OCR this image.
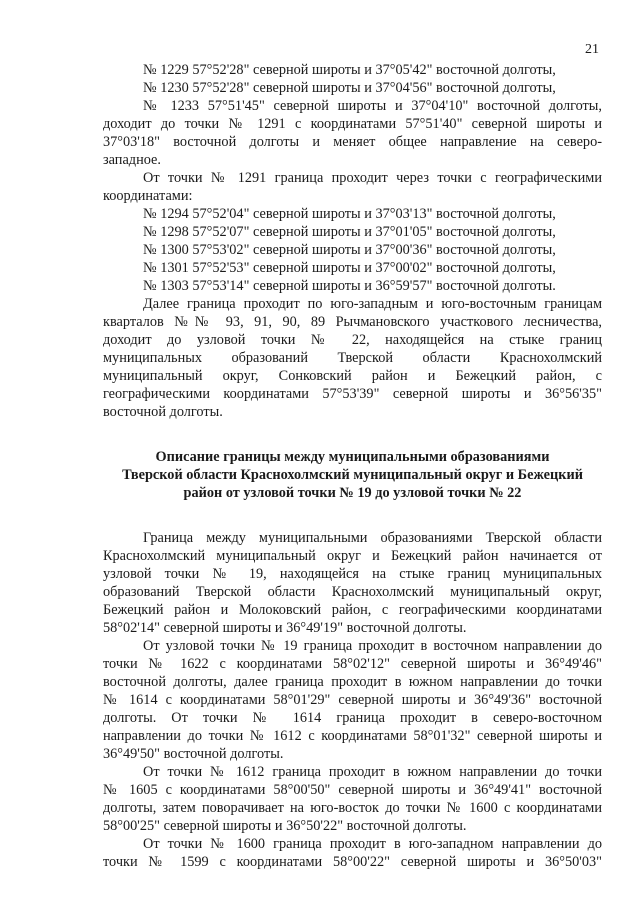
21
№ 1229 57°52'28" северной широты и 37°05'42" восточной долготы,
№ 1230 57°52'28" северной широты и 37°04'56" восточной долготы,
№ 1233 57°51'45" северной широты и 37°04'10" восточной долготы,
доходит до точки № 1291 с координатами 57°51'40" северной широты и
37°03'18" восточной долготы и меняет общее направление на северо-
западное.
От точки № 1291 граница проходит через точки с географическими
координатами:
№ 1294 57°52'04" северной широты и 37°03'13" восточной долготы,
№ 1298 57°52'07" северной широты и 37°01'05" восточной долготы,
№ 1300 57°53'02" северной широты и 37°00'36" восточной долготы,
№ 1301 57°52'53" северной широты и 37°00'02" восточной долготы,
№ 1303 57°53'14" северной широты и 36°59'57" восточной долготы.
Далее граница проходит по юго-западным и юго-восточным границам
кварталов №№ 93, 91, 90, 89 Рычмановского участкового лесничества,
доходит до узловой точки № 22, находящейся на стыке границ
муниципальных образований Тверской области Краснохолмский
муниципальный округ, Сонковский район и Бежецкий район, с
географическими координатами 57°53'39" северной широты и 36°56'35"
восточной долготы.
Описание границы между муниципальными образованиями
Тверской области Краснохолмский муниципальный округ и Бежецкий
район от узловой точки № 19 до узловой точки № 22
Граница между муниципальными образованиями Тверской области
Краснохолмский муниципальный округ и Бежецкий район начинается от
узловой точки № 19, находящейся на стыке границ муниципальных
образований Тверской области Краснохолмский муниципальный округ,
Бежецкий район и Молоковский район, с географическими координатами
58°02'14" северной широты и 36°49'19" восточной долготы.
От узловой точки № 19 граница проходит в восточном направлении до
точки № 1622 с координатами 58°02'12" северной широты и 36°49'46"
восточной долготы, далее граница проходит в южном направлении до точки
№ 1614 с координатами 58°01'29" северной широты и 36°49'36" восточной
долготы. От точки № 1614 граница проходит в северо-восточном
направлении до точки № 1612 с координатами 58°01'32" северной широты и
36°49'50" восточной долготы.
От точки № 1612 граница проходит в южном направлении до точки
№ 1605 с координатами 58°00'50" северной широты и 36°49'41" восточной
долготы, затем поворачивает на юго-восток до точки № 1600 с координатами
58°00'25" северной широты и 36°50'22" восточной долготы.
От точки № 1600 граница проходит в юго-западном направлении до
точки № 1599 с координатами 58°00'22" северной широты и 36°50'03"
